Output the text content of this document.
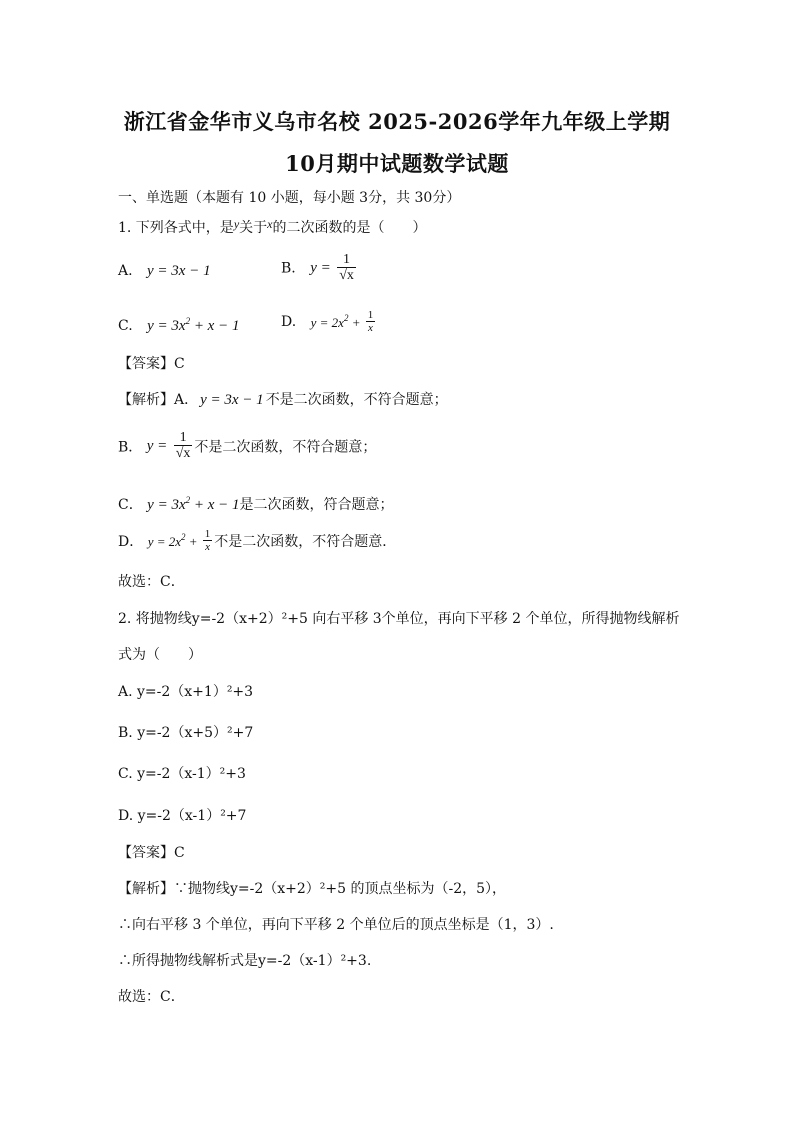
浙江省金华市义乌市名校 2025-2026学年九年级上学期
10月期中试题数学试题
一、单选题（本题有 10 小题，每小题 3分，共 30分）
1. 下列各式中，是y关于x的二次函数的是（　　）
A. y = 3x − 1	B. $y = \frac{1}{√x}$
C. $y = 3x^2 + x - 1$	D. $y = 2x^2 + \frac{1}{x}$
【答案】C
【解析】A． y = 3x − 1 不是二次函数，不符合题意；
B． $y = \frac{1}{√x}$ 不是二次函数，不符合题意；
C． $y = 3x^2 + x - 1$是二次函数，符合题意；
D． $y = 2x^2 + \frac{1}{x}$ 不是二次函数，不符合题意．
故选：C．
2. 将抛物线y=-2（x+2）²+5 向右平移 3个单位，再向下平移 2 个单位，所得抛物线解析
式为（　　）
A. y=-2（x+1）²+3
B. y=-2（x+5）²+7
C. y=-2（x-1）²+3
D. y=-2（x-1）²+7
【答案】C
【解析】∵抛物线y=-2（x+2）²+5 的顶点坐标为（-2，5），
∴向右平移 3 个单位，再向下平移 2 个单位后的顶点坐标是（1，3）.
∴所得抛物线解析式是y=-2（x-1）²+3.
故选：C．
